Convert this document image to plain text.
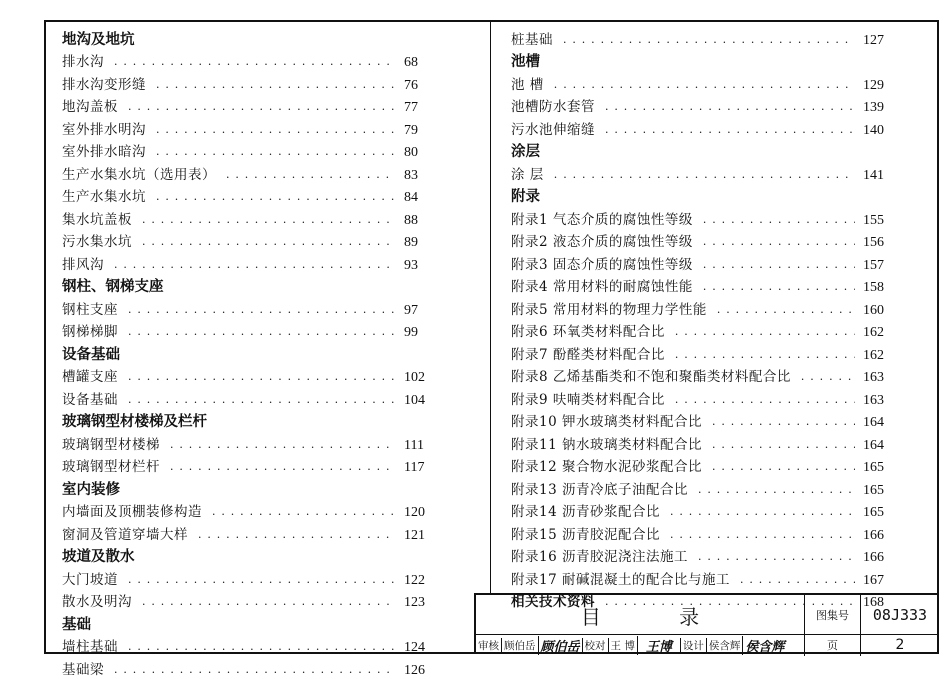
地沟及地坑
排水沟 · · ·	68
排水沟变形缝 · · ·	76
地沟盖板 · · ·	77
室外排水明沟 · · ·	79
室外排水暗沟 · · ·	80
生产水集水坑（选用表） · · ·	83
生产水集水坑 · · ·	84
集水坑盖板 · · ·	88
污水集水坑 · · ·	89
排风沟 · · ·	93
钢柱、钢梯支座
钢柱支座 · · ·	97
钢梯梯脚 · · ·	99
设备基础
槽罐支座 · · ·	102
设备基础 · · ·	104
玻璃钢型材楼梯及栏杆
玻璃钢型材楼梯 · · ·	111
玻璃钢型材栏杆 · · ·	117
室内装修
内墙面及顶棚装修构造 · · ·	120
窗洞及管道穿墙大样 · · ·	121
坡道及散水
大门坡道 · · ·	122
散水及明沟 · · ·	123
基础
墙柱基础 · · ·	124
基础梁 · · ·	126
桩基础 · · ·	127
池槽
池 槽 · · ·	129
池槽防水套管 · · ·	139
污水池伸缩缝 · · ·	140
涂层
涂 层 · · ·	141
附录
附录1 气态介质的腐蚀性等级 · · ·	155
附录2 液态介质的腐蚀性等级 · · ·	156
附录3 固态介质的腐蚀性等级 · · ·	157
附录4 常用材料的耐腐蚀性能 · · ·	158
附录5 常用材料的物理力学性能 · · ·	160
附录6 环氧类材料配合比 · · ·	162
附录7 酚醛类材料配合比 · · ·	162
附录8 乙烯基酯类和不饱和聚酯类材料配合比 · · ·	163
附录9 呋喃类材料配合比 · · ·	163
附录10 钾水玻璃类材料配合比 · · ·	164
附录11 钠水玻璃类材料配合比 · · ·	164
附录12 聚合物水泥砂浆配合比 · · ·	165
附录13 沥青冷底子油配合比 · · ·	165
附录14 沥青砂浆配合比 · · ·	165
附录15 沥青胶泥配合比 · · ·	166
附录16 沥青胶泥浇注法施工 · · ·	166
附录17 耐碱混凝土的配合比与施工 · · ·	167
相关技术资料 · · ·	168
目 录	图集号	08J333
页	2
审核 顾伯岳 顾伯岳 校对 王 博 王博	设计 侯含辉 侯含辉
